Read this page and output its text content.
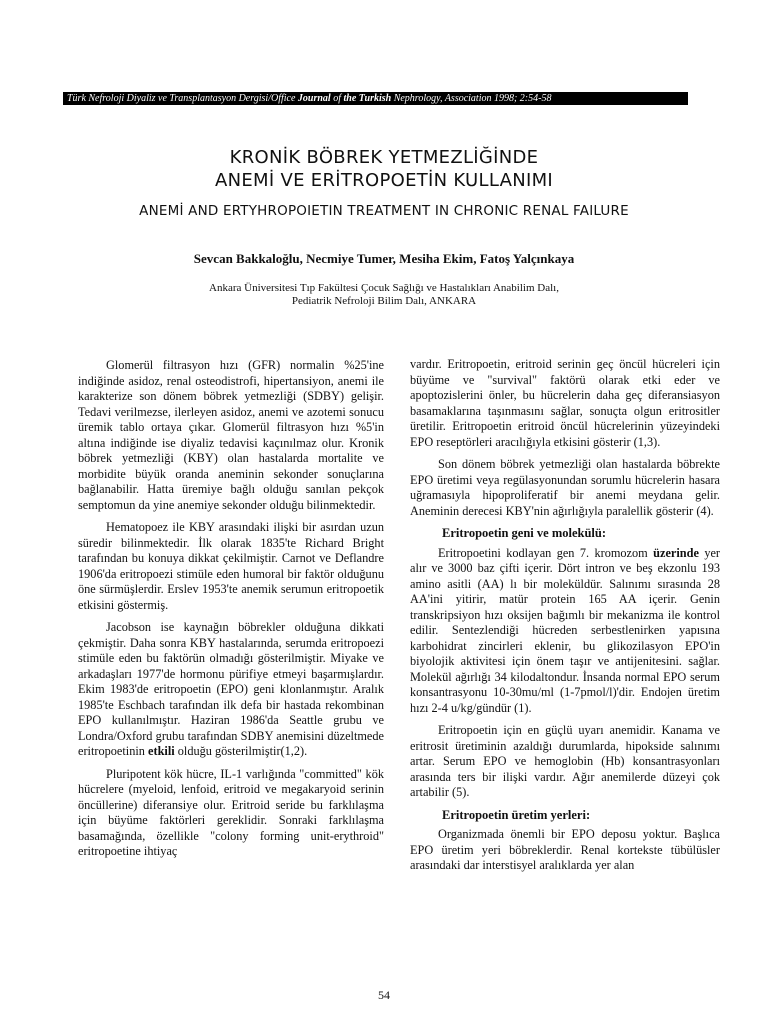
Türk Nefroloji Diyaliz ve Transplantasyon Dergisi/Office Journal of the Turkish Nephrology, Association 1998; 2:54-58
KRONİK BÖBREK YETMEZLİĞİNDE
ANEMİ VE ERİTROPOETİN KULLANIMI
ANEMİ AND ERTYHROPOIETIN TREATMENT IN CHRONIC RENAL FAILURE
Sevcan Bakkaloğlu, Necmiye Tumer, Mesiha Ekim, Fatoş Yalçınkaya
Ankara Üniversitesi Tıp Fakültesi Çocuk Sağlığı ve Hastalıkları Anabilim Dalı,
Pediatrik Nefroloji Bilim Dalı, ANKARA

Glomerül filtrasyon hızı (GFR) normalin %25'ine indiğinde asidoz, renal osteodistrofi, hipertansiyon, anemi ile karakterize son dönem böbrek yetmezliği (SDBY) gelişir. Tedavi verilmezse, ilerleyen asidoz, anemi ve azotemi sonucu üremik tablo ortaya çıkar. Glomerül filtrasyon hızı %5'in altına indiğinde ise diyaliz tedavisi kaçınılmaz olur. Kronik böbrek yetmezliği (KBY) olan hastalarda mortalite ve morbidite büyük oranda aneminin sekonder sonuçlarına bağlanabilir. Hatta üremiye bağlı olduğu sanılan pekçok semptomun da yine anemiye sekonder olduğu bilinmektedir.

Hematopoez ile KBY arasındaki ilişki bir asırdan uzun süredir bilinmektedir. İlk olarak 1835'te Richard Bright tarafından bu konuya dikkat çekilmiştir. Carnot ve Deflandre 1906'da eritropoezi stimüle eden humoral bir faktör olduğunu öne sürmüşlerdir. Erslev 1953'te anemik serumun eritropoetik etkisini göstermiş.

Jacobson ise kaynağın böbrekler olduğuna dikkati çekmiştir. Daha sonra KBY hastalarında, serumda eritropoezi stimüle eden bu faktörün olmadığı gösterilmiştir. Miyake ve arkadaşları 1977'de hormonu pürifiye etmeyi başarmışlardır. Ekim 1983'de eritropoetin (EPO) geni klonlanmıştır. Aralık 1985'te Eschbach tarafından ilk defa bir hastada rekombinan EPO kullanılmıştır. Haziran 1986'da Seattle grubu ve Londra/Oxford grubu tarafından SDBY anemisini düzeltmede eritropoetinin etkili olduğu gösterilmiştir(1,2).

Pluripotent kök hücre, IL-1 varlığında "committed" kök hücrelere (myeloid, lenfoid, eritroid ve megakaryoid serinin öncüllerine) diferansiye olur. Eritroid seride bu farklılaşma için büyüme faktörleri gereklidir. Sonraki farklılaşma basamağında, özellikle "colony forming unit-erythroid" eritropoetine ihtiyaç

vardır. Eritropoetin, eritroid serinin geç öncül hücreleri için büyüme ve "survival" faktörü olarak etki eder ve apoptozislerini önler, bu hücrelerin daha geç diferansiasyon basamaklarına taşınmasını sağlar, sonuçta olgun eritrositler üretilir. Eritropoetin eritroid öncül hücrelerinin yüzeyindeki EPO reseptörleri aracılığıyla etkisini gösterir (1,3).

Son dönem böbrek yetmezliği olan hastalarda böbrekte EPO üretimi veya regülasyonundan sorumlu hücrelerin hasara uğramasıyla hipoproliferatif bir anemi meydana gelir. Aneminin derecesi KBY'nin ağırlığıyla paralellik gösterir (4).

Eritropoetin geni ve molekülü:

Eritropoetini kodlayan gen 7. kromozom üzerinde yer alır ve 3000 baz çifti içerir. Dört intron ve beş ekzonlu 193 amino asitli (AA) lı bir moleküldür. Salınımı sırasında 28 AA'ini yitirir, matür protein 165 AA içerir. Genin transkripsiyon hızı oksijen bağımlı bir mekanizma ile kontrol edilir. Sentezlendiği hücreden serbestlenirken yapısına karbohidrat zincirleri eklenir, bu glikozilasyon EPO'in biyolojik aktivitesi için önem taşır ve antijenitesini. sağlar. Molekül ağırlığı 34 kilodaltondur. İnsanda normal EPO serum konsantrasyonu 10-30mu/ml (1-7pmol/l)'dir. Endojen üretim hızı 2-4 u/kg/gündür (1).

Eritropoetin için en güçlü uyarı anemidir. Kanama ve eritrosit üretiminin azaldığı durumlarda, hipokside salınımı artar. Serum EPO ve hemoglobin (Hb) konsantrasyonları arasında ters bir ilişki vardır. Ağır anemilerde düzeyi çok artabilir (5).

Eritropoetin üretim yerleri:

Organizmada önemli bir EPO deposu yoktur. Başlıca EPO üretim yeri böbreklerdir. Renal kortekste tübülüsler arasındaki dar interstisyel aralıklarda yer alan

54
